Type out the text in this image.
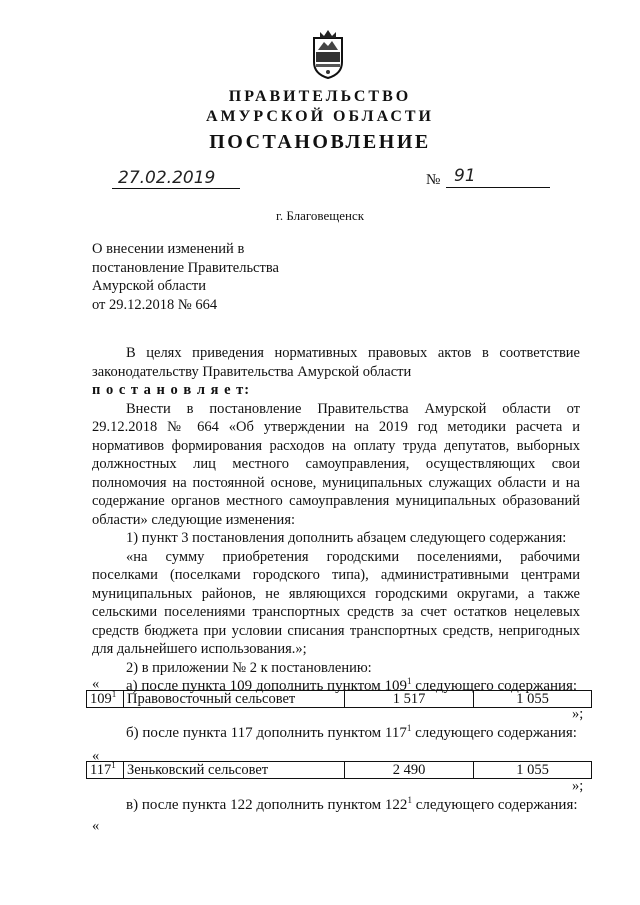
ПРАВИТЕЛЬСТВО
АМУРСКОЙ ОБЛАСТИ
ПОСТАНОВЛЕНИЕ
27.02.2019	№ 91
г. Благовещенск
О внесении изменений в
постановление Правительства
Амурской области
от 29.12.2018 № 664
В целях приведения нормативных правовых актов в соответствие
законодательству Правительства Амурской области
п о с т а н о в л я е т:
Внести в постановление Правительства Амурской области от
29.12.2018 № 664 «Об утверждении на 2019 год методики расчета и
нормативов формирования расходов на оплату труда депутатов, выборных
должностных лиц местного самоуправления, осуществляющих свои
полномочия на постоянной основе, муниципальных служащих области и на
содержание органов местного самоуправления муниципальных образований
области» следующие изменения:
1) пункт 3 постановления дополнить абзацем следующего содержания:
«на сумму приобретения городскими поселениями, рабочими
поселками (поселками городского типа), административными центрами
муниципальных районов, не являющихся городскими округами, а также
сельскими поселениями транспортных средств за счет остатков нецелевых
средств бюджета при условии списания транспортных средств, непригодных
для дальнейшего использования.»;
2) в приложении № 2 к постановлению:
а) после пункта 109 дополнить пунктом $109^1$ следующего содержания:
«
$109^1$	Правовосточный сельсовет	1 517	1 055
»;
б) после пункта 117 дополнить пунктом $117^1$ следующего содержания:
«
$117^1$	Зеньковский сельсовет	2 490	1 055
»;
в) после пункта 122 дополнить пунктом $122^1$ следующего содержания:
«
